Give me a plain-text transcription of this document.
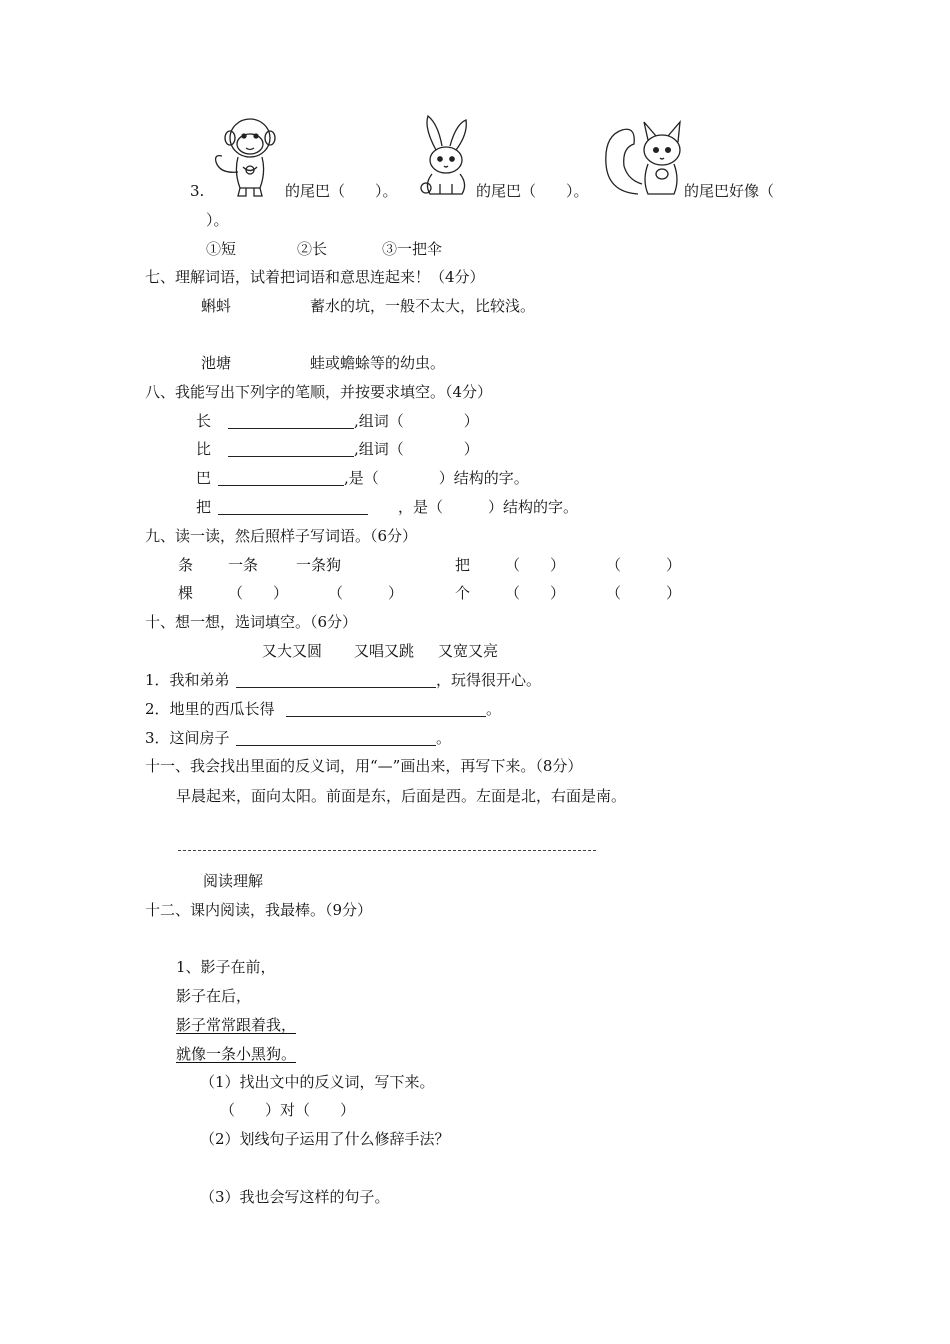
3.	的尾巴（　　）。	的尾巴（　　）。	的尾巴好像（
）。
①短	②长	③一把伞
七、理解词语，试着把词语和意思连起来！（4分）
蝌蚪	蓄水的坑，一般不太大，比较浅。
池塘	蛙或蟾蜍等的幼虫。
八、我能写出下列字的笔顺，并按要求填空。（4分）
长	,组词（　　　　）
比	,组词（　　　　）
巴	,是（　　　　）结构的字。
把	，是（　　　）结构的字。
九、读一读，然后照样子写词语。（6分）
条 一条	一条狗	把 （　　）	（　　　）
棵 （　　）	（　　　）	个 （　　）	（　　　）
十、想一想，选词填空。（6分）
又大又圆 又唱又跳 又宽又亮
1．我和弟弟	，玩得很开心。
2．地里的西瓜长得	。
3．这间房子	。
十一、我会找出里面的反义词，用“—”画出来，再写下来。（8分）
早晨起来，面向太阳。前面是东，后面是西。左面是北，右面是南。
阅读理解
十二、课内阅读，我最棒。（9分）
1、影子在前，
影子在后，
影子常常跟着我，
就像一条小黑狗。
（1）找出文中的反义词，写下来。
（　　）对（　　）
（2）划线句子运用了什么修辞手法？
（3）我也会写这样的句子。
